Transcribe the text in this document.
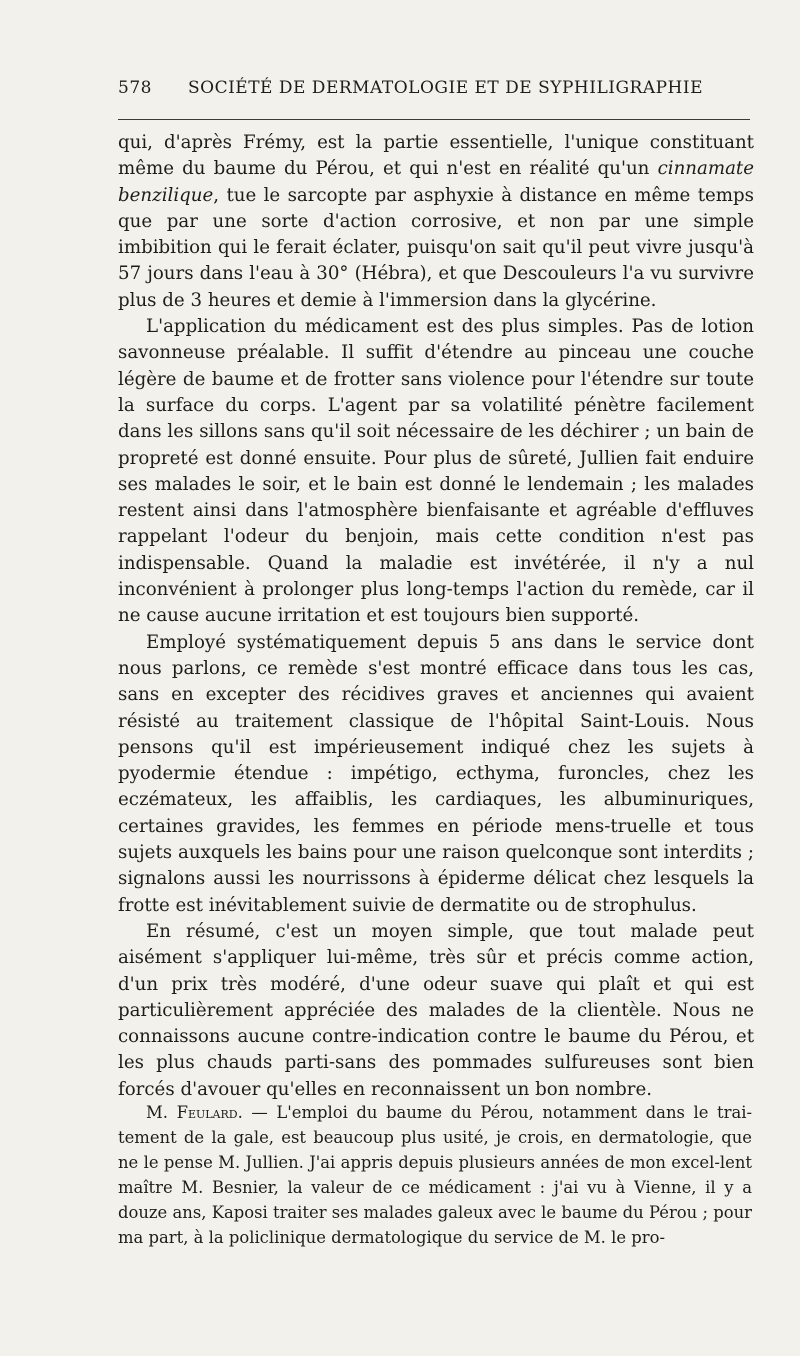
578 SOCIÉTÉ DE DERMATOLOGIE ET DE SYPHILIGRAPHIE

qui, d'après Frémy, est la partie essentielle, l'unique constituant même du baume du Pérou, et qui n'est en réalité qu'un cinnamate benzilique, tue le sarcopte par asphyxie à distance en même temps que par une sorte d'action corrosive, et non par une simple imbibition qui le ferait éclater, puisqu'on sait qu'il peut vivre jusqu'à 57 jours dans l'eau à 30° (Hébra), et que Descouleurs l'a vu survivre plus de 3 heures et demie à l'immersion dans la glycérine.

L'application du médicament est des plus simples. Pas de lotion savonneuse préalable. Il suffit d'étendre au pinceau une couche légère de baume et de frotter sans violence pour l'étendre sur toute la surface du corps. L'agent par sa volatilité pénètre facilement dans les sillons sans qu'il soit nécessaire de les déchirer ; un bain de propreté est donné ensuite. Pour plus de sûreté, Jullien fait enduire ses malades le soir, et le bain est donné le lendemain ; les malades restent ainsi dans l'atmosphère bienfaisante et agréable d'effluves rappelant l'odeur du benjoin, mais cette condition n'est pas indispensable. Quand la maladie est invétérée, il n'y a nul inconvénient à prolonger plus long-temps l'action du remède, car il ne cause aucune irritation et est toujours bien supporté.

Employé systématiquement depuis 5 ans dans le service dont nous parlons, ce remède s'est montré efficace dans tous les cas, sans en excepter des récidives graves et anciennes qui avaient résisté au traitement classique de l'hôpital Saint-Louis. Nous pensons qu'il est impérieusement indiqué chez les sujets à pyodermie étendue : impétigo, ecthyma, furoncles, chez les eczémateux, les affaiblis, les cardiaques, les albuminuriques, certaines gravides, les femmes en période mens-truelle et tous sujets auxquels les bains pour une raison quelconque sont interdits ; signalons aussi les nourrissons à épiderme délicat chez lesquels la frotte est inévitablement suivie de dermatite ou de strophulus.

En résumé, c'est un moyen simple, que tout malade peut aisément s'appliquer lui-même, très sûr et précis comme action, d'un prix très modéré, d'une odeur suave qui plaît et qui est particulièrement appréciée des malades de la clientèle. Nous ne connaissons aucune contre-indication contre le baume du Pérou, et les plus chauds parti-sans des pommades sulfureuses sont bien forcés d'avouer qu'elles en reconnaissent un bon nombre.

M. Feulard. — L'emploi du baume du Pérou, notamment dans le trai-tement de la gale, est beaucoup plus usité, je crois, en dermatologie, que ne le pense M. Jullien. J'ai appris depuis plusieurs années de mon excel-lent maître M. Besnier, la valeur de ce médicament : j'ai vu à Vienne, il y a douze ans, Kaposi traiter ses malades galeux avec le baume du Pérou ; pour ma part, à la policlinique dermatologique du service de M. le pro-
